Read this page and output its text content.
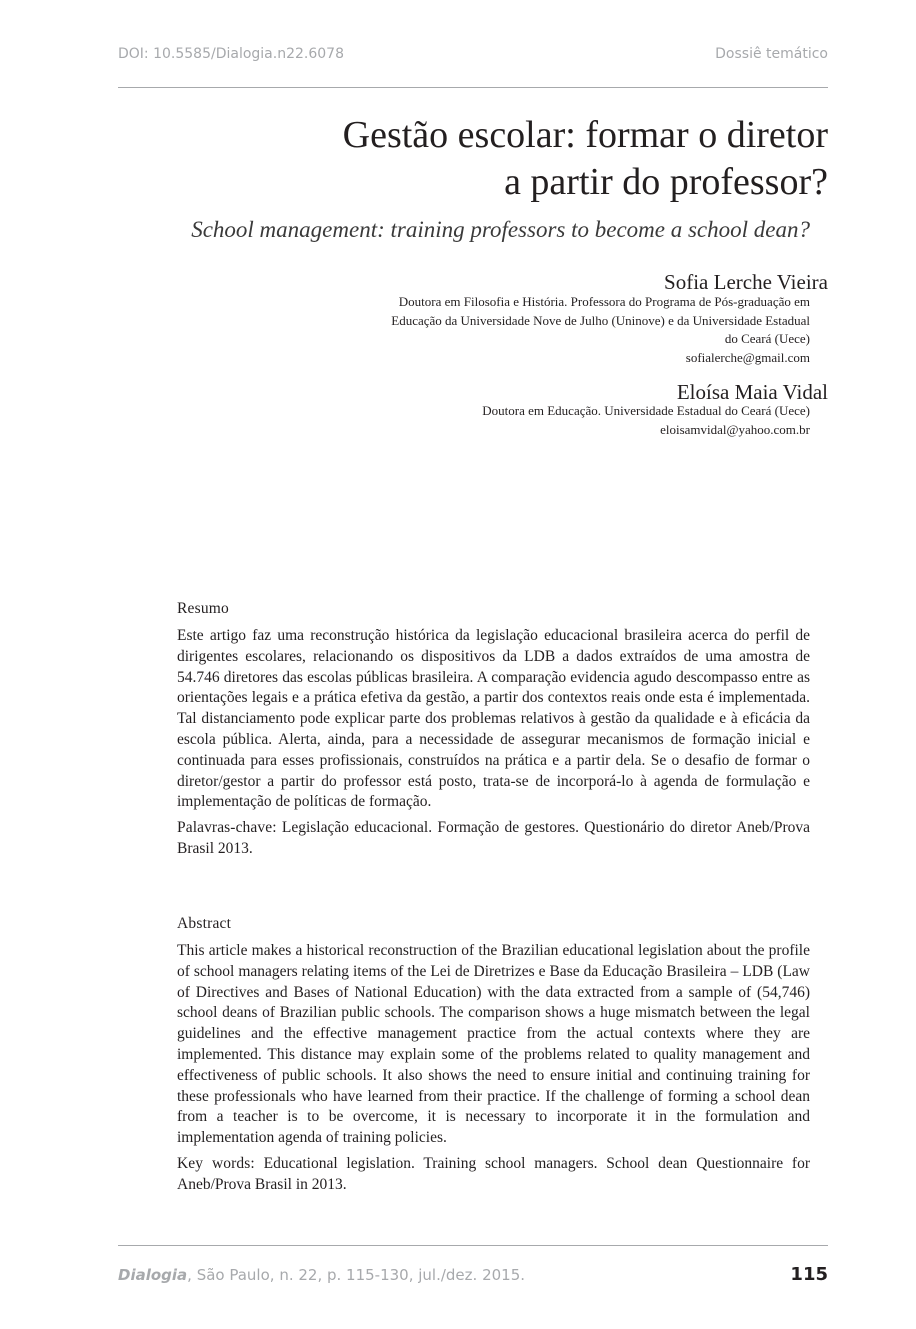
DOI: 10.5585/Dialogia.n22.6078	Dossiê temático
Gestão escolar: formar o diretor
a partir do professor?
School management: training professors to become a school dean?
Sofia Lerche Vieira
Doutora em Filosofia e História. Professora do Programa de Pós-graduação em
Educação da Universidade Nove de Julho (Uninove) e da Universidade Estadual
do Ceará (Uece)
sofialerche@gmail.com
Eloísa Maia Vidal
Doutora em Educação. Universidade Estadual do Ceará (Uece)
eloisamvidal@yahoo.com.br
Resumo

Este artigo faz uma reconstrução histórica da legislação educacional brasileira acerca do perfil de dirigentes escolares, relacionando os dispositivos da LDB a dados extraídos de uma amostra de 54.746 diretores das escolas públicas brasileira. A comparação evidencia agudo descompasso entre as orientações legais e a prática efetiva da gestão, a partir dos contextos reais onde esta é implementada. Tal distanciamento pode explicar parte dos problemas relativos à gestão da qualidade e à eficácia da escola pública. Alerta, ainda, para a necessidade de assegurar mecanismos de formação inicial e continuada para esses profissionais, construídos na prática e a partir dela. Se o desafio de formar o diretor/gestor a partir do professor está posto, trata-se de incorporá-lo à agenda de formulação e implementação de políticas de formação.

Palavras-chave: Legislação educacional. Formação de gestores. Questionário do diretor Aneb/Prova Brasil 2013.

Abstract

This article makes a historical reconstruction of the Brazilian educational legislation about the profile of school managers relating items of the Lei de Diretrizes e Base da Educação Brasileira – LDB (Law of Directives and Bases of National Education) with the data extracted from a sample of (54,746) school deans of Brazilian public schools. The comparison shows a huge mismatch between the legal guidelines and the effective management practice from the actual contexts where they are implemented. This distance may explain some of the problems related to quality management and effectiveness of public schools. It also shows the need to ensure initial and continuing training for these professionals who have learned from their practice. If the challenge of forming a school dean from a teacher is to be overcome, it is necessary to incorporate it in the formulation and implementation agenda of training policies.

Key words: Educational legislation. Training school managers. School dean Questionnaire for Aneb/Prova Brasil in 2013.

Dialogia, São Paulo, n. 22, p. 115-130, jul./dez. 2015.	115
